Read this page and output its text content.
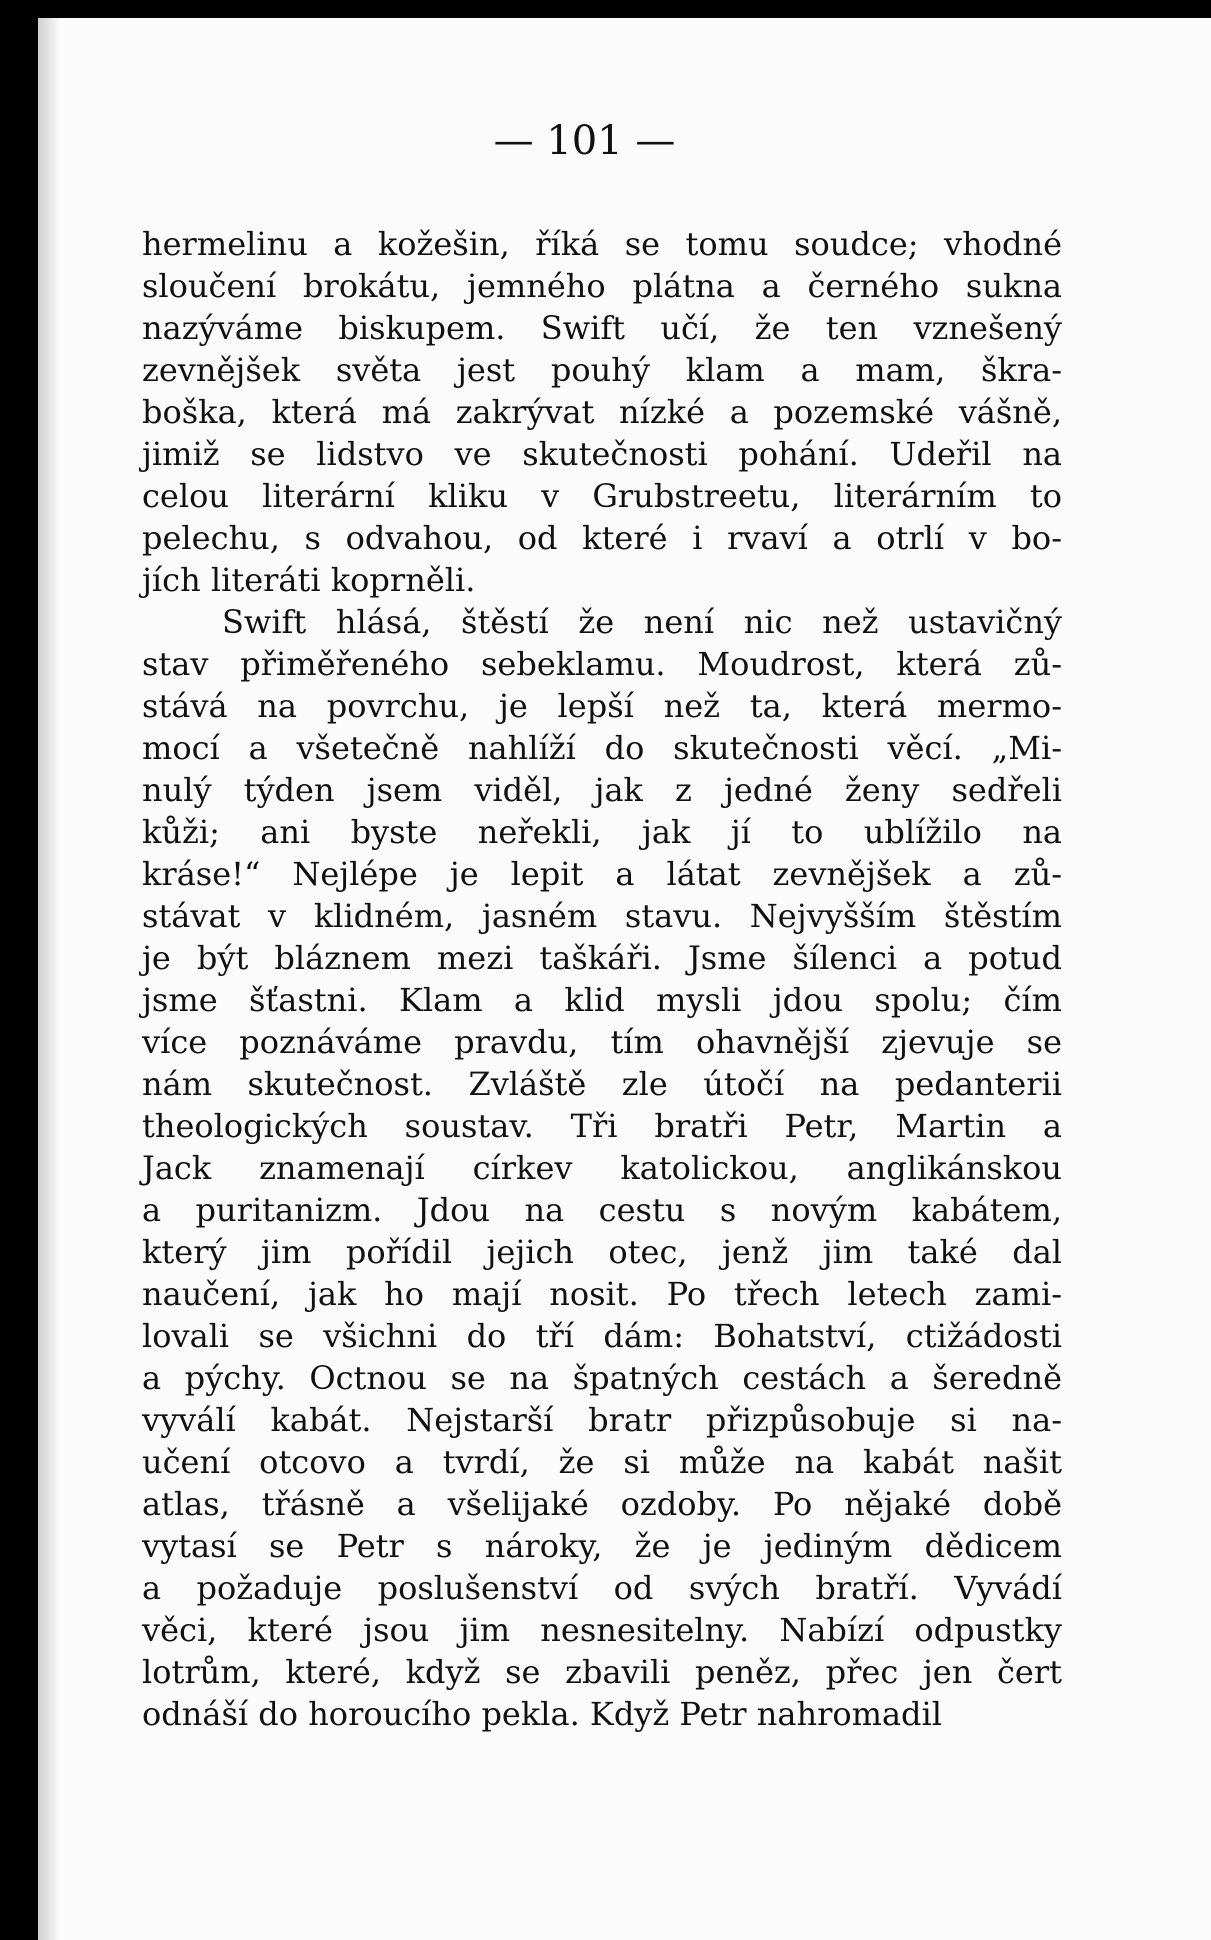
— 101 —
hermelinu a kožešin, říká se tomu soudce; vhodné
sloučení brokátu, jemného plátna a černého sukna
nazýváme biskupem. Swift učí, že ten vznešený
zevnějšek světa jest pouhý klam a mam, škra-
boška, která má zakrývat nízké a pozemské vášně,
jimiž se lidstvo ve skutečnosti pohání. Udeřil na
celou literární kliku v Grubstreetu, literárním to
pelechu, s odvahou, od které i rvaví a otrlí v bo-
jích literáti koprněli.
Swift hlásá, štěstí že není nic než ustavičný
stav přiměřeného sebeklamu. Moudrost, která zů-
stává na povrchu, je lepší než ta, která mermo-
mocí a všetečně nahlíží do skutečnosti věcí. „Mi-
nulý týden jsem viděl, jak z jedné ženy sedřeli
kůži; ani byste neřekli, jak jí to ublížilo na
kráse!“ Nejlépe je lepit a látat zevnějšek a zů-
stávat v klidném, jasném stavu. Nejvyšším štěstím
je být bláznem mezi taškáři. Jsme šílenci a potud
jsme šťastni. Klam a klid mysli jdou spolu; čím
více poznáváme pravdu, tím ohavnější zjevuje se
nám skutečnost. Zvláště zle útočí na pedanterii
theologických soustav. Tři bratři Petr, Martin a
Jack znamenají církev katolickou, anglikánskou
a puritanizm. Jdou na cestu s novým kabátem,
který jim pořídil jejich otec, jenž jim také dal
naučení, jak ho mají nosit. Po třech letech zami-
lovali se všichni do tří dám: Bohatství, ctižádosti
a pýchy. Octnou se na špatných cestách a šeredně
vyválí kabát. Nejstarší bratr přizpůsobuje si na-
učení otcovo a tvrdí, že si může na kabát našit
atlas, třásně a všelijaké ozdoby. Po nějaké době
vytasí se Petr s nároky, že je jediným dědicem
a požaduje poslušenství od svých bratří. Vyvádí
věci, které jsou jim nesnesitelny. Nabízí odpustky
lotrům, které, když se zbavili peněz, přec jen čert
odnáší do horoucího pekla. Když Petr nahromadil
